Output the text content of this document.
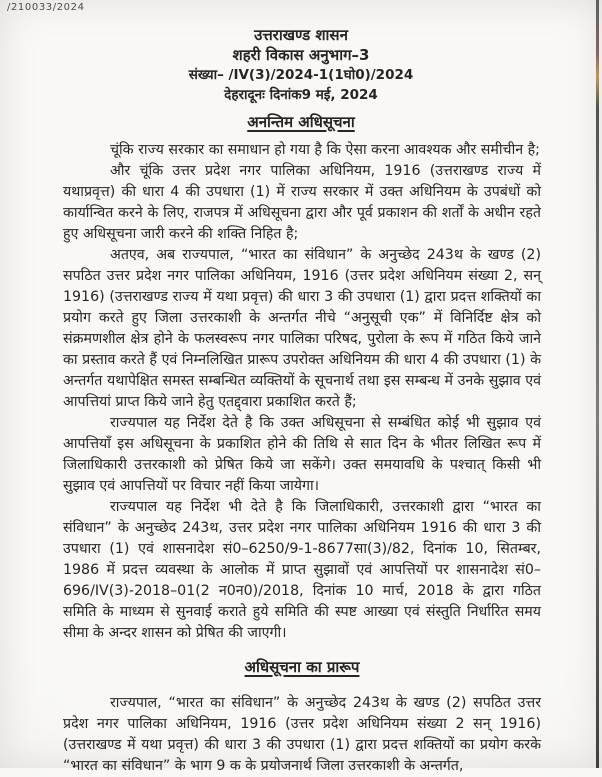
/210033/2024
उत्तराखण्ड शासन
शहरी विकास अनुभाग–3
संख्या– /IV(3)/2024-1(1घो0)/2024
देहरादूनः दिनांक9 मई, 2024
अनन्तिम अधिसूचना

चूंकि राज्य सरकार का समाधान हो गया है कि ऐसा करना आवश्यक और समीचीन है;

और चूंकि उत्तर प्रदेश नगर पालिका अधिनियम, 1916 (उत्तराखण्ड राज्य में यथाप्रवृत्त) की धारा 4 की उपधारा (1) में राज्य सरकार में उक्त अधिनियम के उपबंधों को कार्यान्वित करने के लिए, राजपत्र में अधिसूचना द्वारा और पूर्व प्रकाशन की शर्तों के अधीन रहते हुए अधिसूचना जारी करने की शक्ति निहित है;

अतएव, अब राज्यपाल, “भारत का संविधान” के अनुच्छेद 243थ के खण्ड (2) सपठित उत्तर प्रदेश नगर पालिका अधिनियम, 1916 (उत्तर प्रदेश अधिनियम संख्या 2, सन् 1916) (उत्तराखण्ड राज्य में यथा प्रवृत्त) की धारा 3 की उपधारा (1) द्वारा प्रदत्त शक्तियों का प्रयोग करते हुए जिला उत्तरकाशी के अन्तर्गत नीचे “अनुसूची एक” में विनिर्दिष्ट क्षेत्र को संक्रमणशील क्षेत्र होने के फलस्वरूप नगर पालिका परिषद, पुरोला के रूप में गठित किये जाने का प्रस्ताव करते हैं एवं निम्नलिखित प्रारूप उपरोक्त अधिनियम की धारा 4 की उपधारा (1) के अन्तर्गत यथापेक्षित समस्त सम्बन्धित व्यक्तियों के सूचनार्थ तथा इस सम्बन्ध में उनके सुझाव एवं आपत्तियां प्राप्त किये जाने हेतु एतद्द्वारा प्रकाशित करते हैं;

राज्यपाल यह निर्देश देते है कि उक्त अधिसूचना से सम्बंधित कोई भी सुझाव एवं आपत्तियाँ इस अधिसूचना के प्रकाशित होने की तिथि से सात दिन के भीतर लिखित रूप में जिलाधिकारी उत्तरकाशी को प्रेषित किये जा सकेंगे। उक्त समयावधि के पश्चात् किसी भी सुझाव एवं आपत्तियों पर विचार नहीं किया जायेगा।

राज्यपाल यह निर्देश भी देते है कि जिलाधिकारी, उत्तरकाशी द्वारा “भारत का संविधान” के अनुच्छेद 243थ, उत्तर प्रदेश नगर पालिका अधिनियम 1916 की धारा 3 की उपधारा (1) एवं शासनादेश सं0–6250/9-1-8677सा(3)/82, दिनांक 10, सितम्बर, 1986 में प्रदत्त व्यवस्था के आलोक में प्राप्त सुझावों एवं आपत्तियों पर शासनादेश सं0–696/IV(3)-2018–01(2 न0न0)/2018, दिनांक 10 मार्च, 2018 के द्वारा गठित समिति के माध्यम से सुनवाई कराते हुये समिति की स्पष्ट आख्या एवं संस्तुति निर्धारित समय सीमा के अन्दर शासन को प्रेषित की जाएगी।

अधिसूचना का प्रारूप

राज्यपाल, “भारत का संविधान” के अनुच्छेद 243थ के खण्ड (2) सपठित उत्तर प्रदेश नगर पालिका अधिनियम, 1916 (उत्तर प्रदेश अधिनियम संख्या 2 सन् 1916) (उत्तराखण्ड में यथा प्रवृत्त) की धारा 3 की उपधारा (1) द्वारा प्रदत्त शक्तियों का प्रयोग करके “भारत का संविधान” के भाग 9 क के प्रयोजनार्थ जिला उत्तरकाशी के अन्तर्गत,
